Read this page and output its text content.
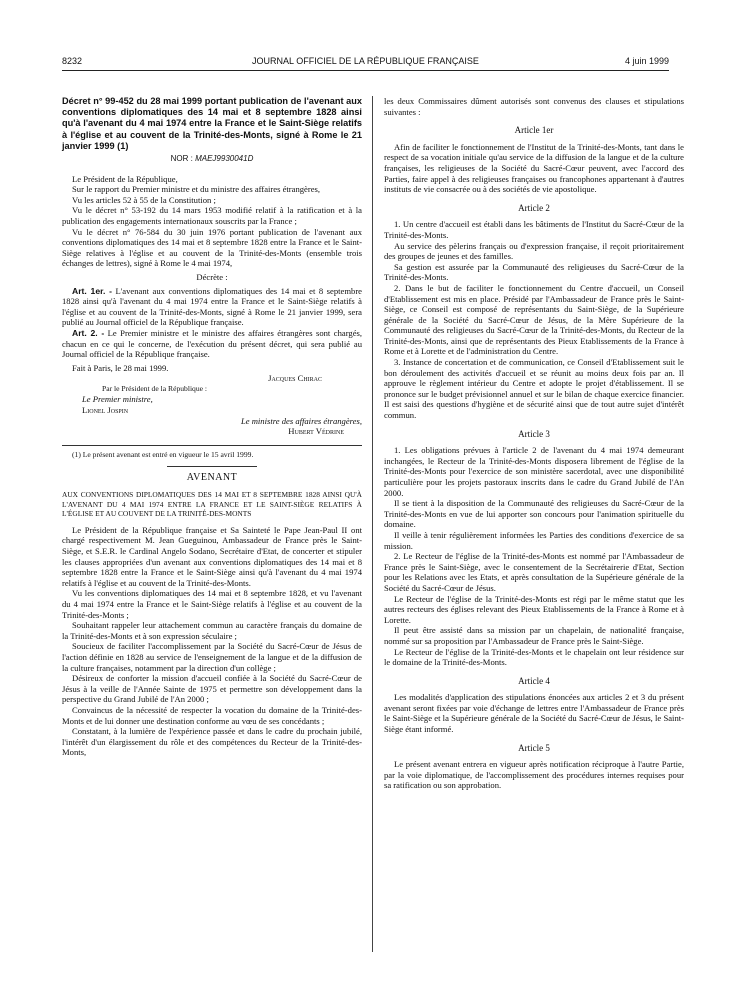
8232	JOURNAL OFFICIEL DE LA RÉPUBLIQUE FRANÇAISE	4 juin 1999
Décret n° 99-452 du 28 mai 1999 portant publication de l'avenant aux conventions diplomatiques des 14 mai et 8 septembre 1828 ainsi qu'à l'avenant du 4 mai 1974 entre la France et le Saint-Siège relatifs à l'église et au couvent de la Trinité-des-Monts, signé à Rome le 21 janvier 1999 (1)
NOR : MAEJ9930041D

Le Président de la République,

Sur le rapport du Premier ministre et du ministre des affaires étrangères,

Vu les articles 52 à 55 de la Constitution ;

Vu le décret n° 53-192 du 14 mars 1953 modifié relatif à la ratification et à la publication des engagements internationaux souscrits par la France ;

Vu le décret n° 76-584 du 30 juin 1976 portant publication de l'avenant aux conventions diplomatiques des 14 mai et 8 septembre 1828 entre la France et le Saint-Siège relatives à l'église et au couvent de la Trinité-des-Monts (ensemble trois échanges de lettres), signé à Rome le 4 mai 1974,

Décrète :

Art. 1er. - L'avenant aux conventions diplomatiques des 14 mai et 8 septembre 1828 ainsi qu'à l'avenant du 4 mai 1974 entre la France et le Saint-Siège relatifs à l'église et au couvent de la Trinité-des-Monts, signé à Rome le 21 janvier 1999, sera publié au Journal officiel de la République française.

Art. 2. - Le Premier ministre et le ministre des affaires étrangères sont chargés, chacun en ce qui le concerne, de l'exécution du présent décret, qui sera publié au Journal officiel de la République française.

Fait à Paris, le 28 mai 1999.

Jacques Chirac

Par le Président de la République :

Le Premier ministre,

Lionel Jospin

Le ministre des affaires étrangères,

Hubert Védrine

(1) Le présent avenant est entré en vigueur le 15 avril 1999.

AVENANT
AUX CONVENTIONS DIPLOMATIQUES DES 14 MAI ET 8 SEPTEMBRE 1828 AINSI QU'À L'AVENANT DU 4 MAI 1974 ENTRE LA FRANCE ET LE SAINT-SIÈGE RELATIFS À L'ÉGLISE ET AU COUVENT DE LA TRINITÉ-DES-MONTS

Le Président de la République française et Sa Sainteté le Pape Jean-Paul II ont chargé respectivement M. Jean Gueguinou, Ambassadeur de France près le Saint-Siège, et S.E.R. le Cardinal Angelo Sodano, Secrétaire d'Etat, de concerter et stipuler les clauses appropriées d'un avenant aux conventions diplomatiques des 14 mai et 8 septembre 1828 entre la France et le Saint-Siège ainsi qu'à l'avenant du 4 mai 1974 relatifs à l'église et au couvent de la Trinité-des-Monts.

Vu les conventions diplomatiques des 14 mai et 8 septembre 1828, et vu l'avenant du 4 mai 1974 entre la France et le Saint-Siège relatifs à l'église et au couvent de la Trinité-des-Monts ;

Souhaitant rappeler leur attachement commun au caractère français du domaine de la Trinité-des-Monts et à son expression séculaire ;

Soucieux de faciliter l'accomplissement par la Société du Sacré-Cœur de Jésus de l'action définie en 1828 au service de l'enseignement de la langue et de la diffusion de la culture françaises, notamment par la direction d'un collège ;

Désireux de conforter la mission d'accueil confiée à la Société du Sacré-Cœur de Jésus à la veille de l'Année Sainte de 1975 et permettre son développement dans la perspective du Grand Jubilé de l'An 2000 ;

Convaincus de la nécessité de respecter la vocation du domaine de la Trinité-des-Monts et de lui donner une destination conforme au vœu de ses concédants ;

Constatant, à la lumière de l'expérience passée et dans le cadre du prochain jubilé, l'intérêt d'un élargissement du rôle et des compétences du Recteur de la Trinité-des-Monts,

les deux Commissaires dûment autorisés sont convenus des clauses et stipulations suivantes :

Article 1er

Afin de faciliter le fonctionnement de l'Institut de la Trinité-des-Monts, tant dans le respect de sa vocation initiale qu'au service de la diffusion de la langue et de la culture françaises, les religieuses de la Société du Sacré-Cœur peuvent, avec l'accord des Parties, faire appel à des religieuses françaises ou francophones appartenant à d'autres instituts de vie consacrée ou à des sociétés de vie apostolique.

Article 2

1. Un centre d'accueil est établi dans les bâtiments de l'Institut du Sacré-Cœur de la Trinité-des-Monts.

Au service des pèlerins français ou d'expression française, il reçoit prioritairement des groupes de jeunes et des familles.

Sa gestion est assurée par la Communauté des religieuses du Sacré-Cœur de la Trinité-des-Monts.

2. Dans le but de faciliter le fonctionnement du Centre d'accueil, un Conseil d'Etablissement est mis en place. Présidé par l'Ambassadeur de France près le Saint-Siège, ce Conseil est composé de représentants du Saint-Siège, de la Supérieure générale de la Société du Sacré-Cœur de Jésus, de la Mère Supérieure de la Communauté des religieuses du Sacré-Cœur de la Trinité-des-Monts, du Recteur de la Trinité-des-Monts, ainsi que de représentants des Pieux Etablissements de la France à Rome et à Lorette et de l'administration du Centre.

3. Instance de concertation et de communication, ce Conseil d'Etablissement suit le bon déroulement des activités d'accueil et se réunit au moins deux fois par an. Il approuve le règlement intérieur du Centre et adopte le projet d'établissement. Il se prononce sur le budget prévisionnel annuel et sur le bilan de chaque exercice financier. Il est saisi des questions d'hygiène et de sécurité ainsi que de tout autre sujet d'intérêt commun.

Article 3

1. Les obligations prévues à l'article 2 de l'avenant du 4 mai 1974 demeurant inchangées, le Recteur de la Trinité-des-Monts disposera librement de l'église de la Trinité-des-Monts pour l'exercice de son ministère sacerdotal, avec une disponibilité particulière pour les projets pastoraux inscrits dans le cadre du Grand Jubilé de l'An 2000.

Il se tient à la disposition de la Communauté des religieuses du Sacré-Cœur de la Trinité-des-Monts en vue de lui apporter son concours pour l'animation spirituelle du domaine.

Il veille à tenir régulièrement informées les Parties des conditions d'exercice de sa mission.

2. Le Recteur de l'église de la Trinité-des-Monts est nommé par l'Ambassadeur de France près le Saint-Siège, avec le consentement de la Secrétairerie d'Etat, Section pour les Relations avec les Etats, et après consultation de la Supérieure générale de la Société du Sacré-Cœur de Jésus.

Le Recteur de l'église de la Trinité-des-Monts est régi par le même statut que les autres recteurs des églises relevant des Pieux Etablissements de la France à Rome et à Lorette.

Il peut être assisté dans sa mission par un chapelain, de nationalité française, nommé sur sa proposition par l'Ambassadeur de France près le Saint-Siège.

Le Recteur de l'église de la Trinité-des-Monts et le chapelain ont leur résidence sur le domaine de la Trinité-des-Monts.

Article 4

Les modalités d'application des stipulations énoncées aux articles 2 et 3 du présent avenant seront fixées par voie d'échange de lettres entre l'Ambassadeur de France près le Saint-Siège et la Supérieure générale de la Société du Sacré-Cœur de Jésus, le Saint-Siège étant informé.

Article 5

Le présent avenant entrera en vigueur après notification réciproque à l'autre Partie, par la voie diplomatique, de l'accomplissement des procédures internes requises pour sa ratification ou son approbation.
